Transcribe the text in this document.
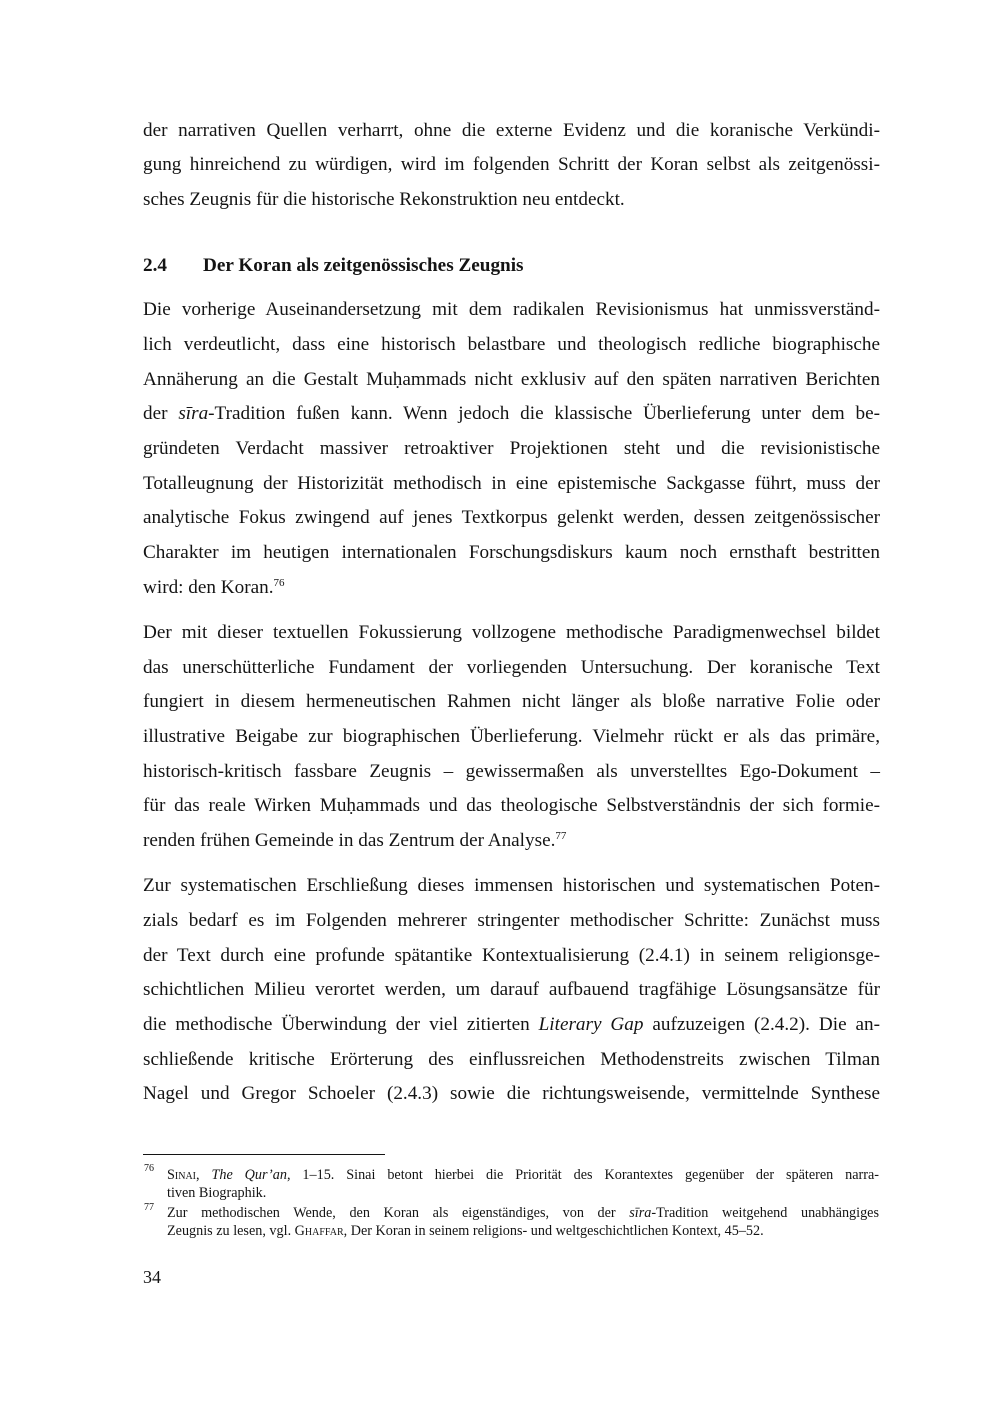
der narrativen Quellen verharrt, ohne die externe Evidenz und die koranische Verkündi-

gung hinreichend zu würdigen, wird im folgenden Schritt der Koran selbst als zeitgenössi-

sches Zeugnis für die historische Rekonstruktion neu entdeckt.

2.4 Der Koran als zeitgenössisches Zeugnis

Die vorherige Auseinandersetzung mit dem radikalen Revisionismus hat unmissverständ-

lich verdeutlicht, dass eine historisch belastbare und theologisch redliche biographische

Annäherung an die Gestalt Muḥammads nicht exklusiv auf den späten narrativen Berichten

der sīra-Tradition fußen kann. Wenn jedoch die klassische Überlieferung unter dem be-

gründeten Verdacht massiver retroaktiver Projektionen steht und die revisionistische

Totalleugnung der Historizität methodisch in eine epistemische Sackgasse führt, muss der

analytische Fokus zwingend auf jenes Textkorpus gelenkt werden, dessen zeitgenössischer

Charakter im heutigen internationalen Forschungsdiskurs kaum noch ernsthaft bestritten

wird: den Koran.$^{76}$

Der mit dieser textuellen Fokussierung vollzogene methodische Paradigmenwechsel bildet

das unerschütterliche Fundament der vorliegenden Untersuchung. Der koranische Text

fungiert in diesem hermeneutischen Rahmen nicht länger als bloße narrative Folie oder

illustrative Beigabe zur biographischen Überlieferung. Vielmehr rückt er als das primäre,

historisch-kritisch fassbare Zeugnis – gewissermaßen als unverstelltes Ego-Dokument –

für das reale Wirken Muḥammads und das theologische Selbstverständnis der sich formie-

renden frühen Gemeinde in das Zentrum der Analyse.$^{77}$

Zur systematischen Erschließung dieses immensen historischen und systematischen Poten-

zials bedarf es im Folgenden mehrerer stringenter methodischer Schritte: Zunächst muss

der Text durch eine profunde spätantike Kontextualisierung (2.4.1) in seinem religionsge-

schichtlichen Milieu verortet werden, um darauf aufbauend tragfähige Lösungsansätze für

die methodische Überwindung der viel zitierten Literary Gap aufzuzeigen (2.4.2). Die an-

schließende kritische Erörterung des einflussreichen Methodenstreits zwischen Tilman

Nagel und Gregor Schoeler (2.4.3) sowie die richtungsweisende, vermittelnde Synthese

76 Sinai, The Qur’an, 1–15. Sinai betont hierbei die Priorität des Korantextes gegenüber der späteren narra-

tiven Biographik.

77 Zur methodischen Wende, den Koran als eigenständiges, von der sīra-Tradition weitgehend unabhängiges

Zeugnis zu lesen, vgl. Ghaffar, Der Koran in seinem religions- und weltgeschichtlichen Kontext, 45–52.

34
